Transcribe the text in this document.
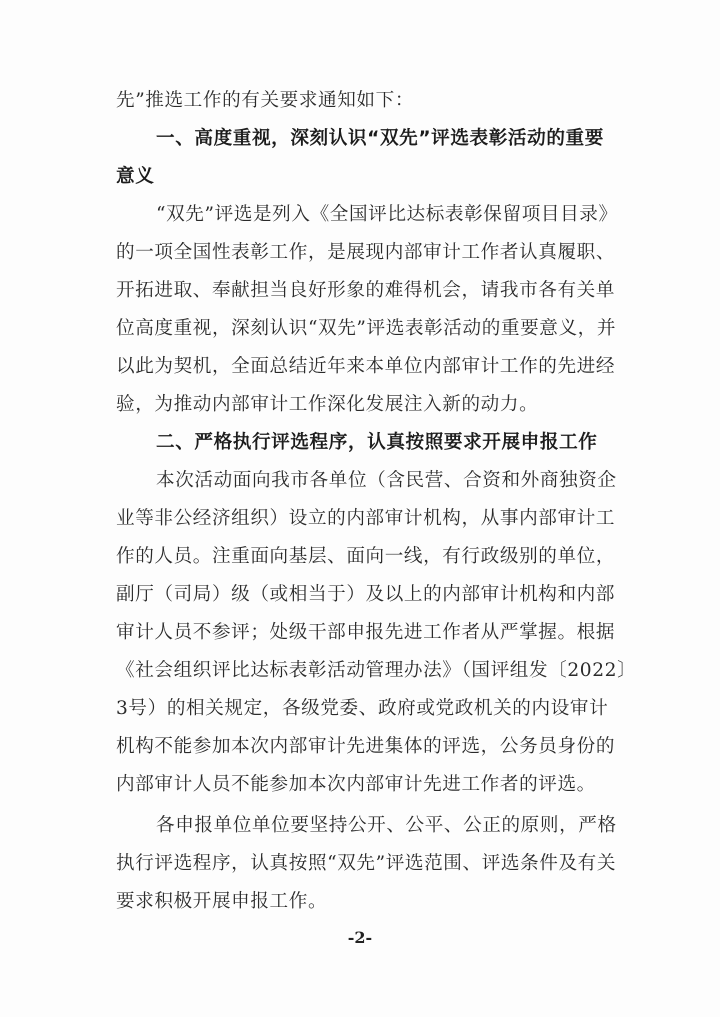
先”推选工作的有关要求通知如下：
一、高度重视，深刻认识“双先”评选表彰活动的重要
意义
“双先”评选是列入《全国评比达标表彰保留项目目录》
的一项全国性表彰工作，是展现内部审计工作者认真履职、
开拓进取、奉献担当良好形象的难得机会，请我市各有关单
位高度重视，深刻认识“双先”评选表彰活动的重要意义，并
以此为契机，全面总结近年来本单位内部审计工作的先进经
验，为推动内部审计工作深化发展注入新的动力。
二、严格执行评选程序，认真按照要求开展申报工作
本次活动面向我市各单位（含民营、合资和外商独资企
业等非公经济组织）设立的内部审计机构，从事内部审计工
作的人员。注重面向基层、面向一线，有行政级别的单位，
副厅（司局）级（或相当于）及以上的内部审计机构和内部
审计人员不参评；处级干部申报先进工作者从严掌握。根据
《社会组织评比达标表彰活动管理办法》（国评组发〔2022〕
3号）的相关规定，各级党委、政府或党政机关的内设审计
机构不能参加本次内部审计先进集体的评选，公务员身份的
内部审计人员不能参加本次内部审计先进工作者的评选。
各申报单位单位要坚持公开、公平、公正的原则，严格
执行评选程序，认真按照“双先”评选范围、评选条件及有关
要求积极开展申报工作。
-2-
